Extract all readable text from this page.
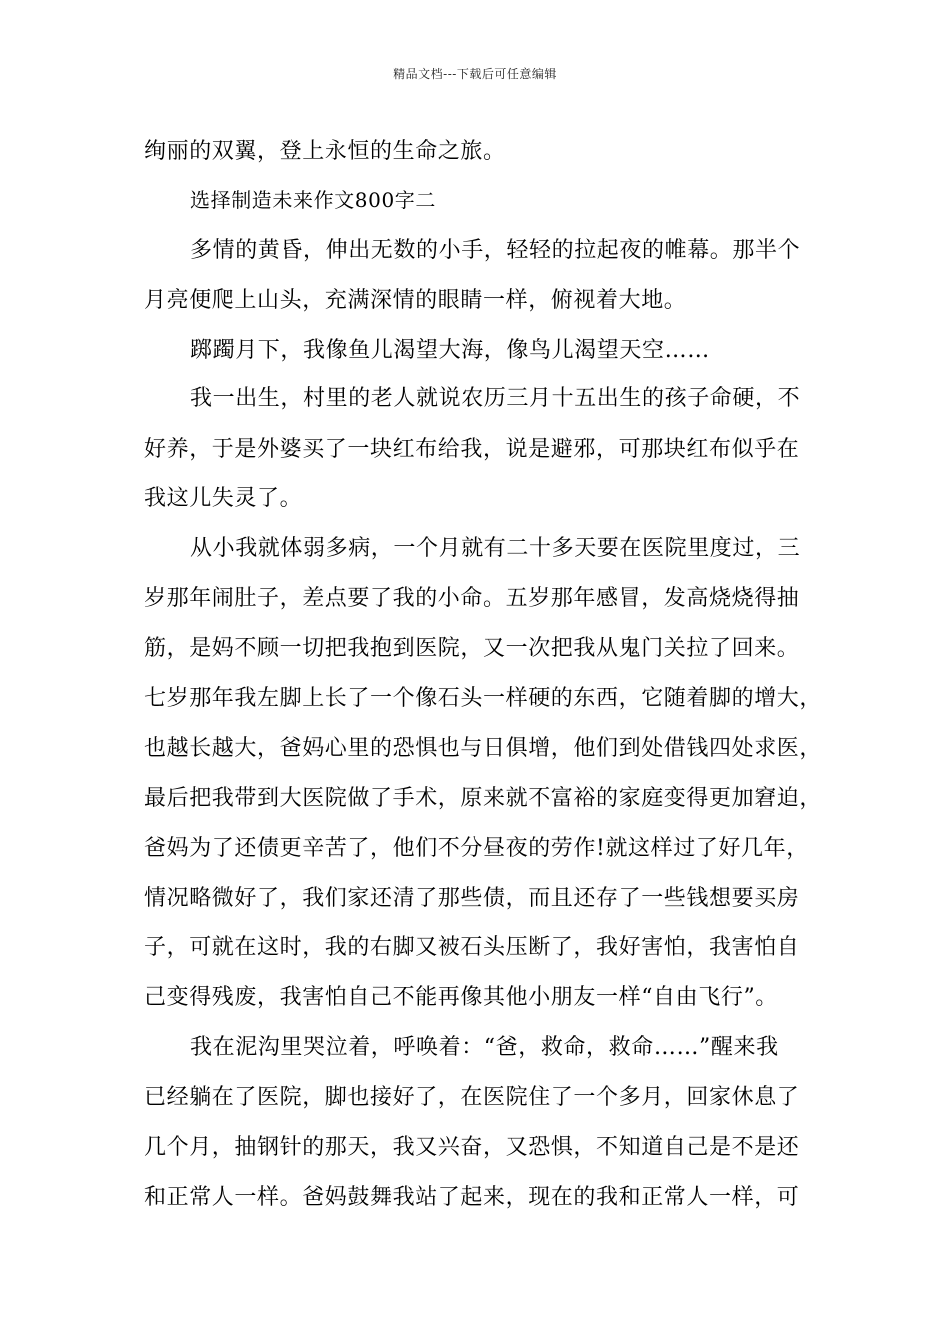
精品文档---下载后可任意编辑
绚丽的双翼，登上永恒的生命之旅。
选择制造未来作文800字二
多情的黄昏，伸出无数的小手，轻轻的拉起夜的帷幕。那半个
月亮便爬上山头，充满深情的眼睛一样，俯视着大地。
踯躅月下，我像鱼儿渴望大海，像鸟儿渴望天空……
我一出生，村里的老人就说农历三月十五出生的孩子命硬，不
好养，于是外婆买了一块红布给我，说是避邪，可那块红布似乎在
我这儿失灵了。
从小我就体弱多病，一个月就有二十多天要在医院里度过，三
岁那年闹肚子，差点要了我的小命。五岁那年感冒，发高烧烧得抽
筋，是妈不顾一切把我抱到医院，又一次把我从鬼门关拉了回来。
七岁那年我左脚上长了一个像石头一样硬的东西，它随着脚的增大，
也越长越大，爸妈心里的恐惧也与日俱增，他们到处借钱四处求医，
最后把我带到大医院做了手术，原来就不富裕的家庭变得更加窘迫，
爸妈为了还债更辛苦了，他们不分昼夜的劳作!就这样过了好几年，
情况略微好了，我们家还清了那些债，而且还存了一些钱想要买房
子，可就在这时，我的右脚又被石头压断了，我好害怕，我害怕自
己变得残废，我害怕自己不能再像其他小朋友一样“自由飞行”。
我在泥沟里哭泣着，呼唤着：“爸，救命，救命……”醒来我
已经躺在了医院，脚也接好了，在医院住了一个多月，回家休息了
几个月，抽钢针的那天，我又兴奋，又恐惧，不知道自己是不是还
和正常人一样。爸妈鼓舞我站了起来，现在的我和正常人一样，可
